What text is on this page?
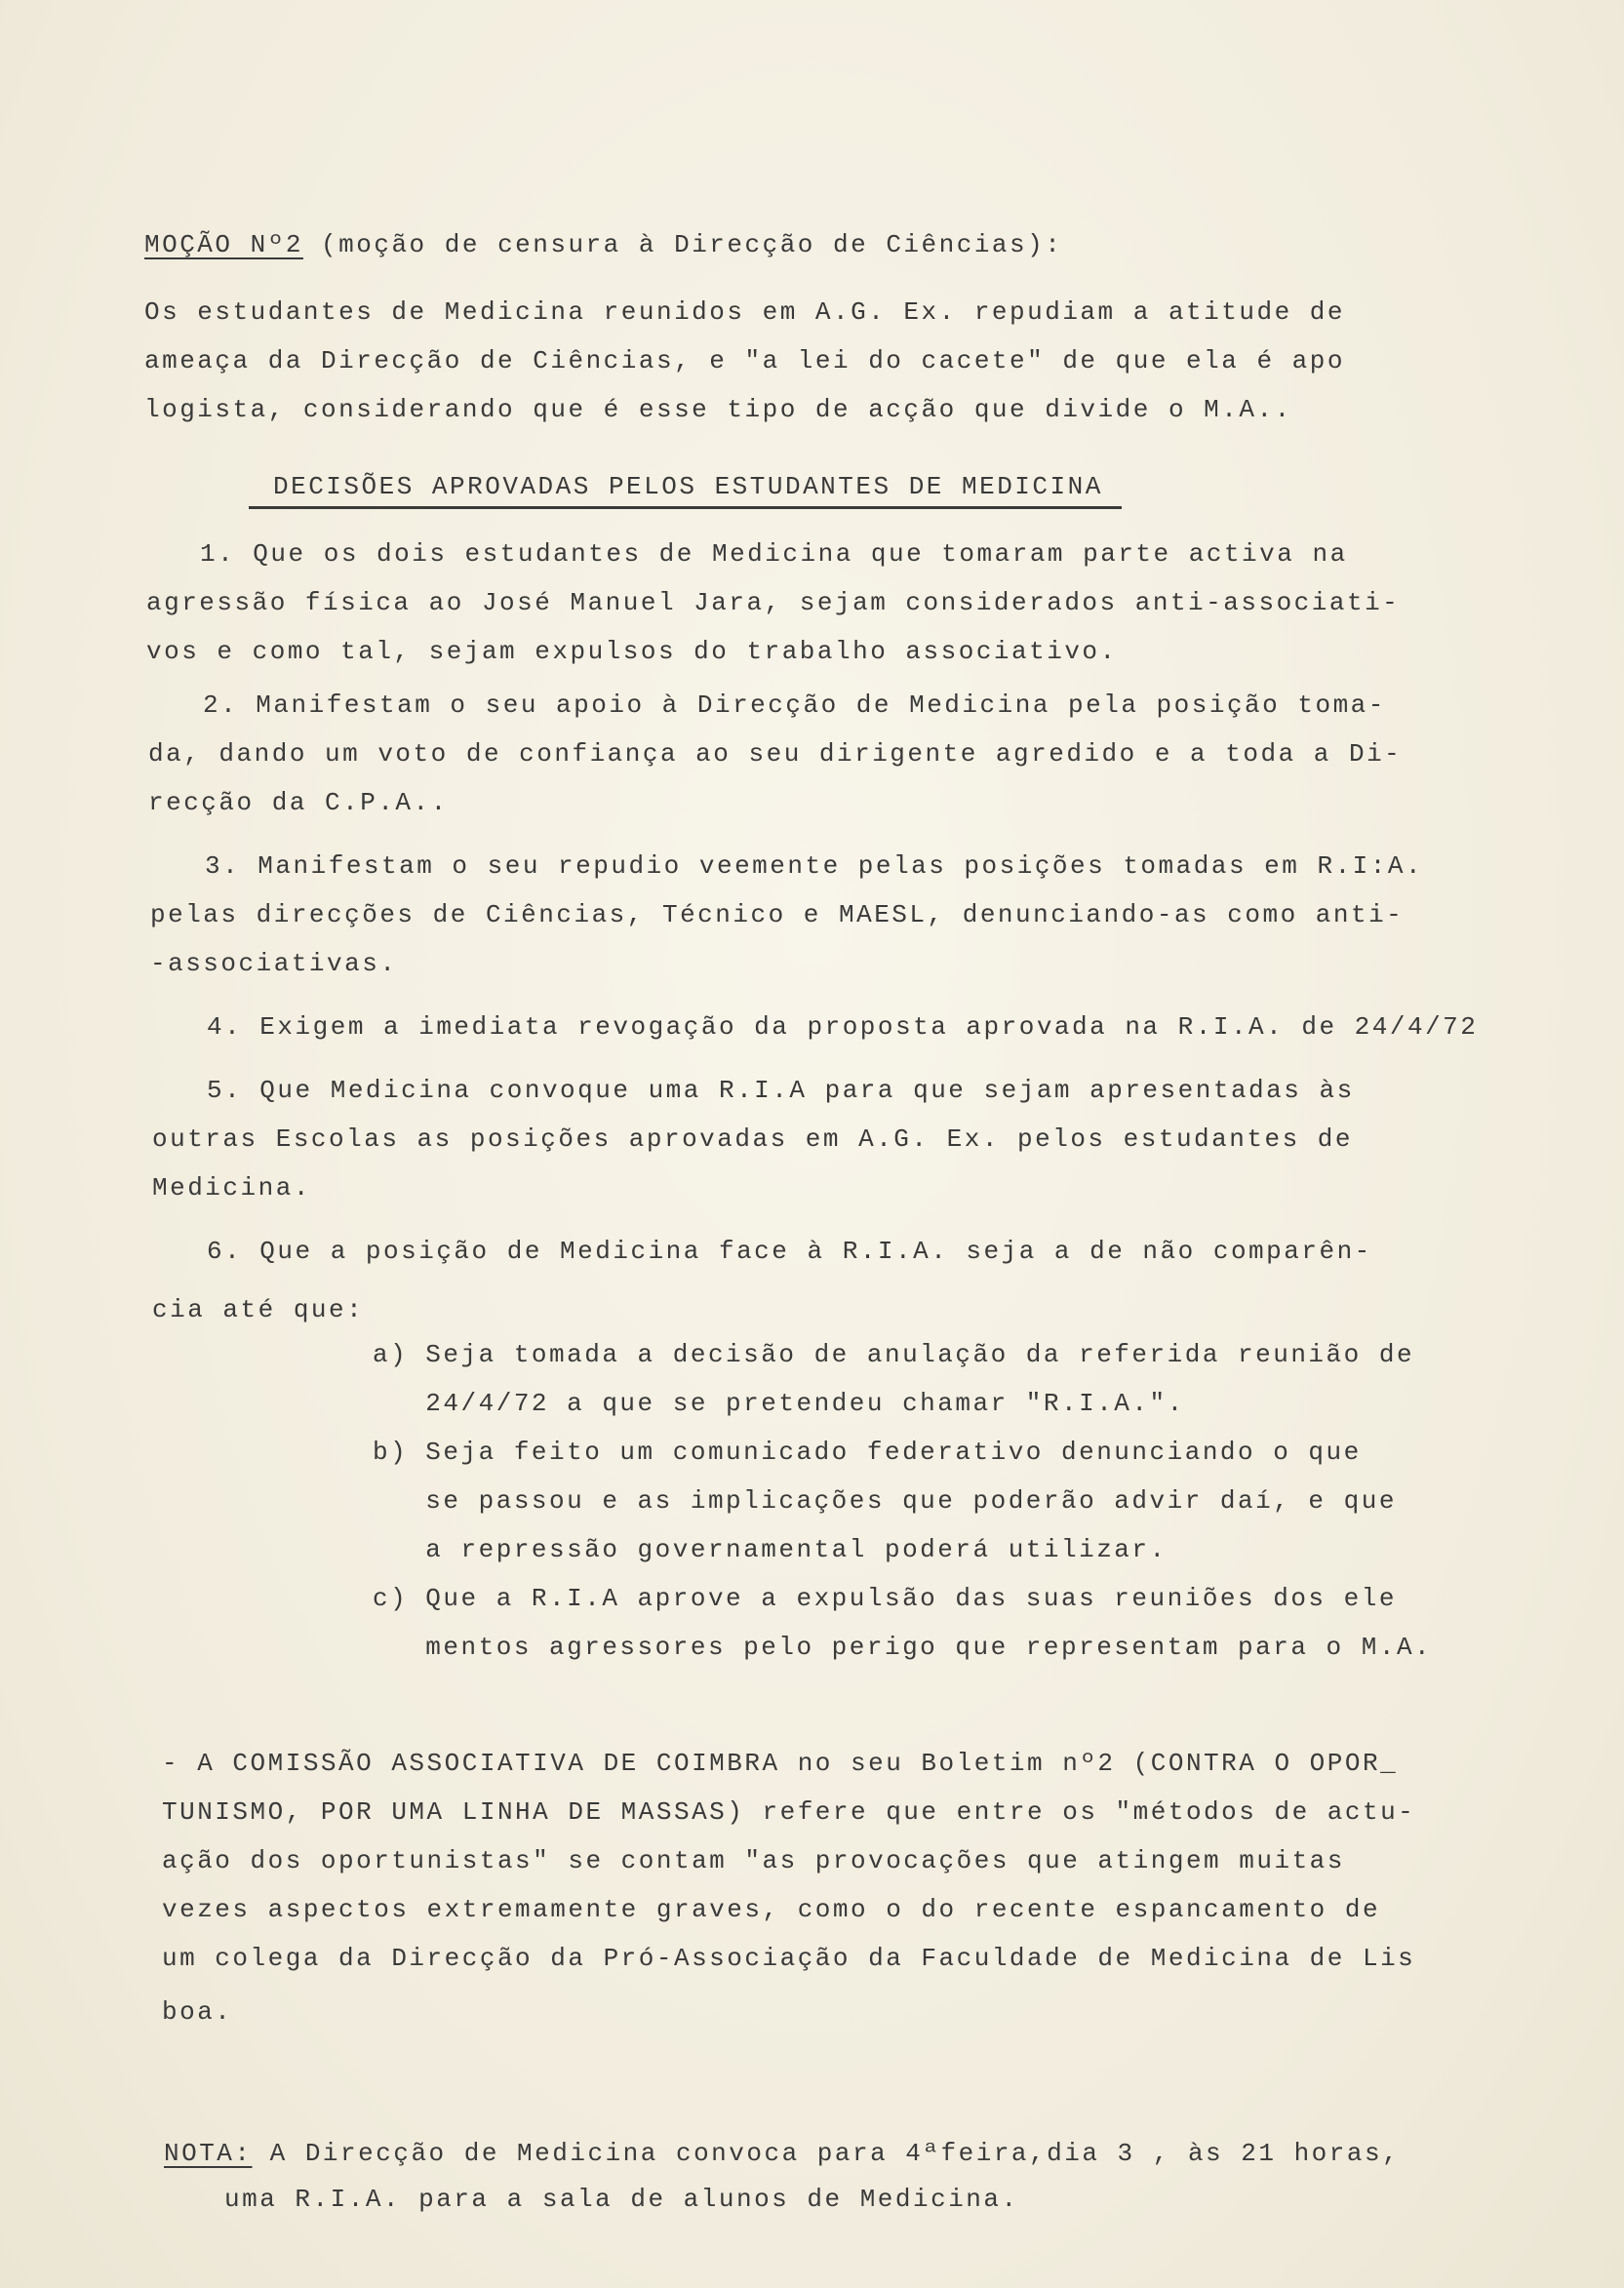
MOÇÃO Nº2 (moção de censura à Direcção de Ciências):
Os estudantes de Medicina reunidos em A.G. Ex. repudiam a atitude de
ameaça da Direcção de Ciências, e "a lei do cacete" de que ela é apo
logista, considerando que é esse tipo de acção que divide o M.A..
DECISÕES APROVADAS PELOS ESTUDANTES DE MEDICINA
1. Que os dois estudantes de Medicina que tomaram parte activa na
agressão física ao José Manuel Jara, sejam considerados anti-associati-
vos e como tal, sejam expulsos do trabalho associativo.
2. Manifestam o seu apoio à Direcção de Medicina pela posição toma-
da, dando um voto de confiança ao seu dirigente agredido e a toda a Di-
recção da C.P.A..
3. Manifestam o seu repudio veemente pelas posições tomadas em R.I:A.
pelas direcções de Ciências, Técnico e MAESL, denunciando-as como anti-
-associativas.
4. Exigem a imediata revogação da proposta aprovada na R.I.A. de 24/4/72
5. Que Medicina convoque uma R.I.A para que sejam apresentadas às
outras Escolas as posições aprovadas em A.G. Ex. pelos estudantes de
Medicina.
6. Que a posição de Medicina face à R.I.A. seja a de não comparên-
cia até que:
a) Seja tomada a decisão de anulação da referida reunião de
24/4/72 a que se pretendeu chamar "R.I.A.".
b) Seja feito um comunicado federativo denunciando o que
se passou e as implicações que poderão advir daí, e que
a repressão governamental poderá utilizar.
c) Que a R.I.A aprove a expulsão das suas reuniões dos ele
mentos agressores pelo perigo que representam para o M.A.
- A COMISSÃO ASSOCIATIVA DE COIMBRA no seu Boletim nº2 (CONTRA O OPOR_
TUNISMO, POR UMA LINHA DE MASSAS) refere que entre os "métodos de actu-
ação dos oportunistas" se contam "as provocações que atingem muitas
vezes aspectos extremamente graves, como o do recente espancamento de
um colega da Direcção da Pró-Associação da Faculdade de Medicina de Lis
boa.
NOTA: A Direcção de Medicina convoca para 4ªfeira,dia 3 , às 21 horas,
uma R.I.A. para a sala de alunos de Medicina.
